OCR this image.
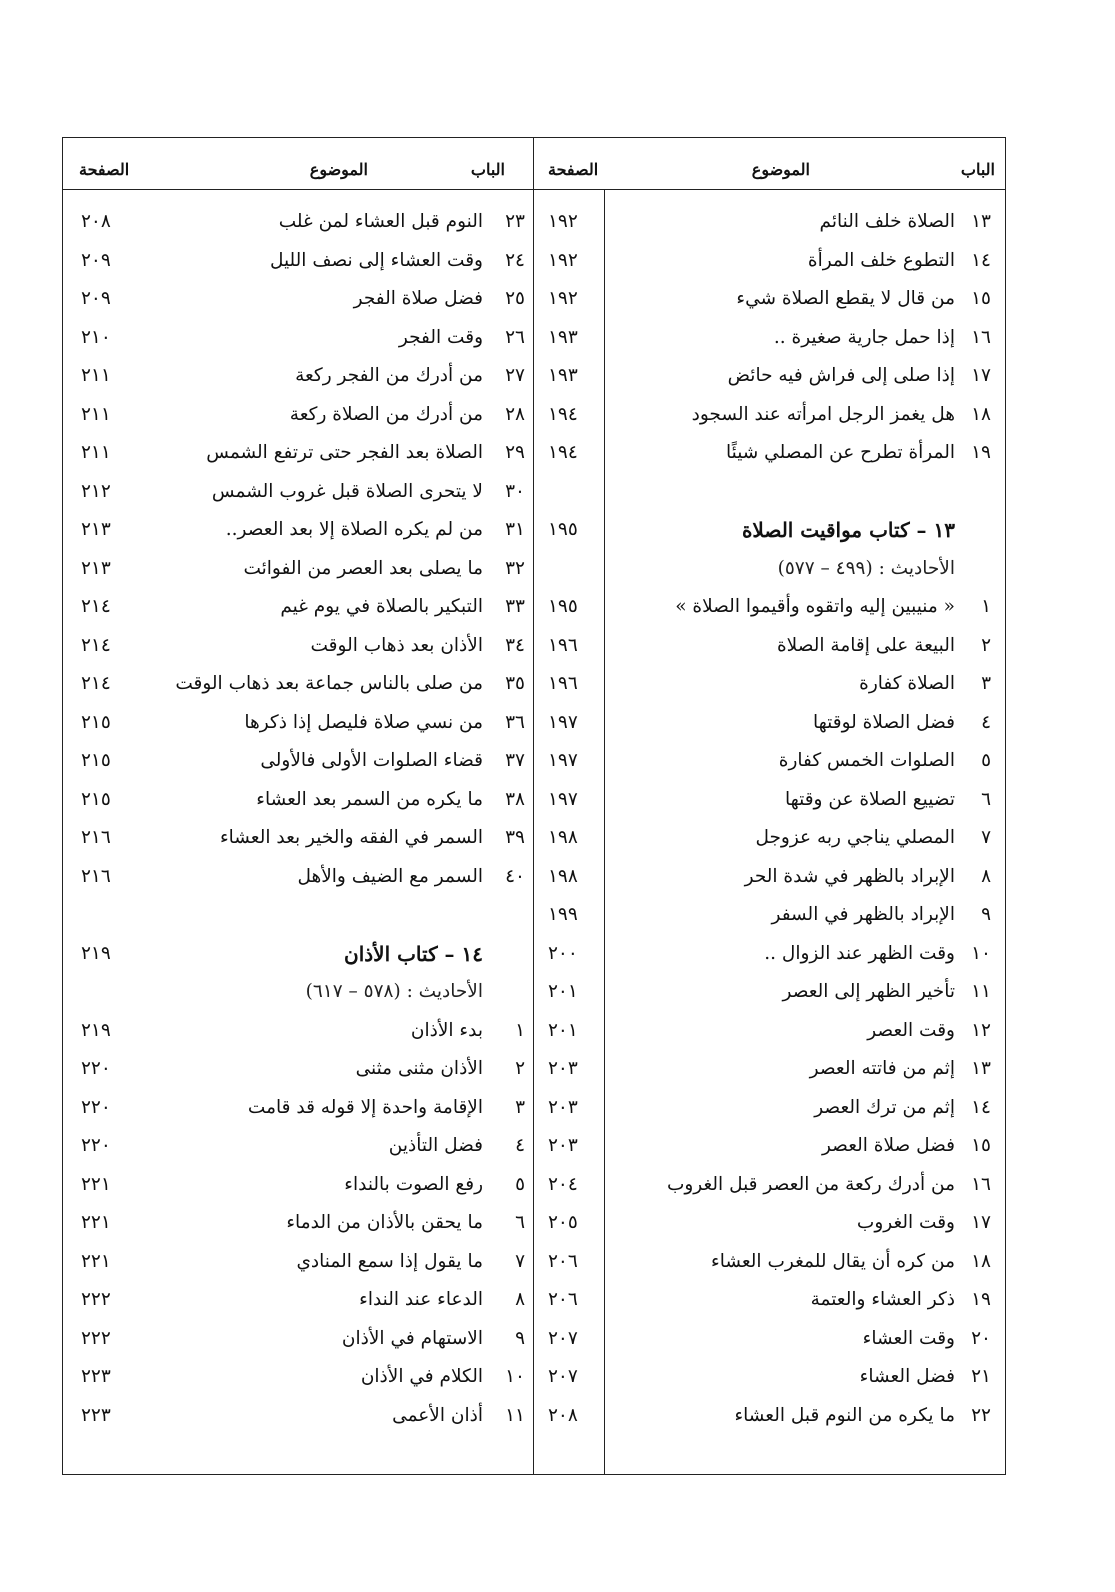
الباب
الموضوع
الصفحة
١٣
الصلاة خلف النائم
١٩٢
١٤
التطوع خلف المرأة
١٩٢
١٥
من قال لا يقطع الصلاة شيء
١٩٢
١٦
إذا حمل جارية صغيرة ..
١٩٣
١٧
إذا صلى إلى فراش فيه حائض
١٩٣
١٨
هل يغمز الرجل امرأته عند السجود
١٩٤
١٩
المرأة تطرح عن المصلي شيئًا
١٩٤
١٣ – كتاب مواقيت الصلاة
١٩٥
الأحاديث : (٤٩٩ – ٥٧٧)
١
« منيبين إليه واتقوه وأقيموا الصلاة »
١٩٥
٢
البيعة على إقامة الصلاة
١٩٦
٣
الصلاة كفارة
١٩٦
٤
فضل الصلاة لوقتها
١٩٧
٥
الصلوات الخمس كفارة
١٩٧
٦
تضييع الصلاة عن وقتها
١٩٧
٧
المصلي يناجي ربه عزوجل
١٩٨
٨
الإبراد بالظهر في شدة الحر
١٩٨
٩
الإبراد بالظهر في السفر
١٩٩
١٠
وقت الظهر عند الزوال ..
٢٠٠
١١
تأخير الظهر إلى العصر
٢٠١
١٢
وقت العصر
٢٠١
١٣
إثم من فاتته العصر
٢٠٣
١٤
إثم من ترك العصر
٢٠٣
١٥
فضل صلاة العصر
٢٠٣
١٦
من أدرك ركعة من العصر قبل الغروب
٢٠٤
١٧
وقت الغروب
٢٠٥
١٨
من كره أن يقال للمغرب العشاء
٢٠٦
١٩
ذكر العشاء والعتمة
٢٠٦
٢٠
وقت العشاء
٢٠٧
٢١
فضل العشاء
٢٠٧
٢٢
ما يكره من النوم قبل العشاء
٢٠٨
الباب
الموضوع
الصفحة
٢٣
النوم قبل العشاء لمن غلب
٢٠٨
٢٤
وقت العشاء إلى نصف الليل
٢٠٩
٢٥
فضل صلاة الفجر
٢٠٩
٢٦
وقت الفجر
٢١٠
٢٧
من أدرك من الفجر ركعة
٢١١
٢٨
من أدرك من الصلاة ركعة
٢١١
٢٩
الصلاة بعد الفجر حتى ترتفع الشمس
٢١١
٣٠
لا يتحرى الصلاة قبل غروب الشمس
٢١٢
٣١
من لم يكره الصلاة إلا بعد العصر..
٢١٣
٣٢
ما يصلى بعد العصر من الفوائت
٢١٣
٣٣
التبكير بالصلاة في يوم غيم
٢١٤
٣٤
الأذان بعد ذهاب الوقت
٢١٤
٣٥
من صلى بالناس جماعة بعد ذهاب الوقت
٢١٤
٣٦
من نسي صلاة فليصل إذا ذكرها
٢١٥
٣٧
قضاء الصلوات الأولى فالأولى
٢١٥
٣٨
ما يكره من السمر بعد العشاء
٢١٥
٣٩
السمر في الفقه والخير بعد العشاء
٢١٦
٤٠
السمر مع الضيف والأهل
٢١٦
١٤ – كتاب الأذان
٢١٩
الأحاديث : (٥٧٨ – ٦١٧)
١
بدء الأذان
٢١٩
٢
الأذان مثنى مثنى
٢٢٠
٣
الإقامة واحدة إلا قوله قد قامت
٢٢٠
٤
فضل التأذين
٢٢٠
٥
رفع الصوت بالنداء
٢٢١
٦
ما يحقن بالأذان من الدماء
٢٢١
٧
ما يقول إذا سمع المنادي
٢٢١
٨
الدعاء عند النداء
٢٢٢
٩
الاستهام في الأذان
٢٢٢
١٠
الكلام في الأذان
٢٢٣
١١
أذان الأعمى
٢٢٣
